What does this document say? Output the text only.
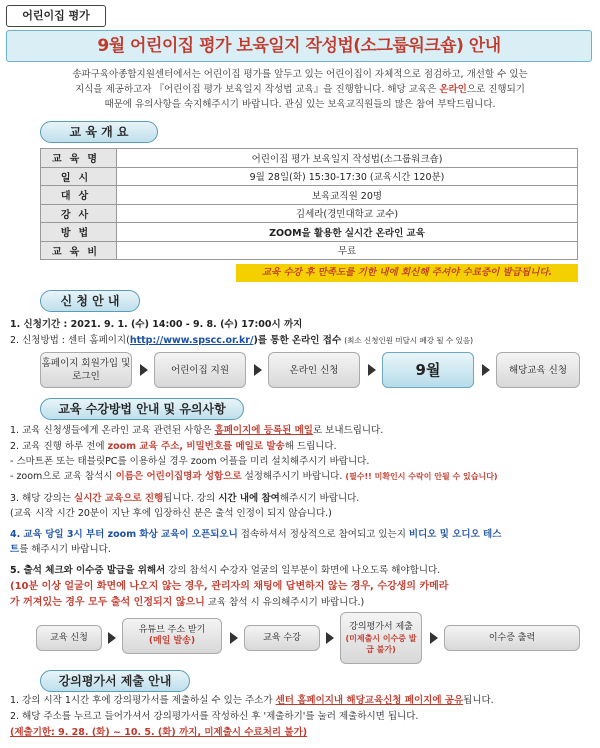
어린이집 평가
9월 어린이집 평가 보육일지 작성법(소그룹워크숍) 안내
송파구육아종합지원센터에서는 어린이집 평가를 앞두고 있는 어린이집이 자체적으로 점검하고, 개선할 수 있는
지식을 제공하고자 『어린이집 평가 보육일지 작성법 교육』을 진행합니다. 해당 교육은 온라인으로 진행되기
때문에 유의사항을 숙지해주시기 바랍니다. 관심 있는 보육교직원들의 많은 참여 부탁드립니다.
교 육 개 요
교육명	어린이집 평가 보육일지 작성법(소그룹워크숍)
일시	9월 28일(화) 15:30-17:30 (교육시간 120분)
대상	보육교직원 20명
강사	김세라(경민대학교 교수)
방법	ZOOM을 활용한 실시간 온라인 교육
교육비	무료
교육 수강 후 만족도를 기한 내에 회신해 주셔야 수료증이 발급됩니다.
신 청 안 내
1. 신청기간 : 2021. 9. 1. (수) 14:00 - 9. 8. (수) 17:00시 까지
2. 신청방법 : 센터 홈페이지(http://www.spscc.or.kr/)를 통한 온라인 접수 (최소 신청인원 미달시 폐강 될 수 있음)
홈페이지 회원가입 및 로그인
어린이집 지원	온라인 신청	9월	해당교육 신청
교육 수강방법 안내 및 유의사항
1. 교육 신청생들에게 온라인 교육 관련된 사항은 홈페이지에 등록된 메일로 보내드립니다.
2. 교육 진행 하루 전에 zoom 교육 주소, 비밀번호를 메일로 발송해 드립니다.
- 스마트폰 또는 태블릿PC를 이용하실 경우 zoom 어플을 미리 설치해주시기 바랍니다.
- zoom으로 교육 참석시 이름은 어린이집명과 성함으로 설정해주시기 바랍니다. (필수!! 미확인시 수락이 안될 수 있습니다)
3. 해당 강의는 실시간 교육으로 진행됩니다. 강의 시간 내에 참여해주시기 바랍니다.
(교육 시작 시간 20분이 지난 후에 입장하신 분은 출석 인정이 되지 않습니다.)
4. 교육 당일 3시 부터 zoom 화상 교육이 오픈되오니 접속하셔서 정상적으로 참여되고 있는지 비디오 및 오디오 테스
트를 해주시기 바랍니다.
5. 출석 체크와 이수증 발급을 위해서 강의 참석시 수강자 얼굴의 일부분이 화면에 나오도록 해야합니다.
(10분 이상 얼굴이 화면에 나오지 않는 경우, 관리자의 채팅에 답변하지 않는 경우, 수강생의 카메라
가 꺼져있는 경우 모두 출석 인정되지 않으니 교육 참석 시 유의해주시기 바랍니다.)
교육 신청
유튜브 주소 받기
(메일 발송)	교육 수강
강의평가서 제출
(미제출시 이수증 발급 불가)
이수증 출력
강의평가서 제출 안내
1. 강의 시작 1시간 후에 강의평가서를 제출하실 수 있는 주소가 센터 홈페이지내 해당교육신청 페이지에 공유됩니다.
2. 해당 주소를 누르고 들어가셔서 강의평가서를 작성하신 후 '제출하기'를 눌러 제출하시면 됩니다.
(제출기한: 9. 28. (화) ~ 10. 5. (화) 까지, 미제출시 수료처리 불가)
